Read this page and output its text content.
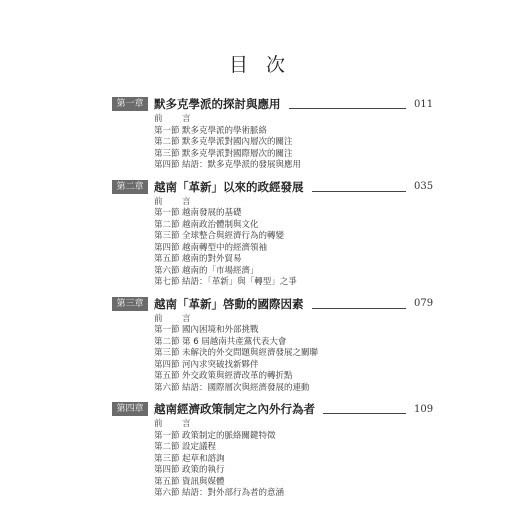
目 次
第一章 默多克學派的探討與應用	011
前 言
第一節 默多克學派的學術脈絡
第二節 默多克學派對國內層次的關注
第三節 默多克學派對國際層次的關注
第四節 結語：默多克學派的發展與應用
第二章 越南「革新」以來的政經發展	035
前 言
第一節 越南發展的基礎
第二節 越南政治體制與文化
第三節 全球整合與經濟行為的轉變
第四節 越南轉型中的經濟領袖
第五節 越南的對外貿易
第六節 越南的「市場經濟」
第七節 結語：「革新」與「轉型」之爭
第三章 越南「革新」啓動的國際因素	079
前 言
第一節 國內困境和外部挑戰
第二節 第 6 屆越南共產黨代表大會
第三節 未解決的外交問題與經濟發展之關聯
第四節 河內求突破找新夥伴
第五節 外交政策與經濟改革的轉折點
第六節 結語：國際層次與經濟發展的連動
第四章 越南經濟政策制定之內外行為者	109
前 言
第一節 政策制定的脈絡關鍵特徵
第二節 設定議程
第三節 起草和諮詢
第四節 政策的執行
第五節 資訊與媒體
第六節 結語：對外部行為者的意涵
